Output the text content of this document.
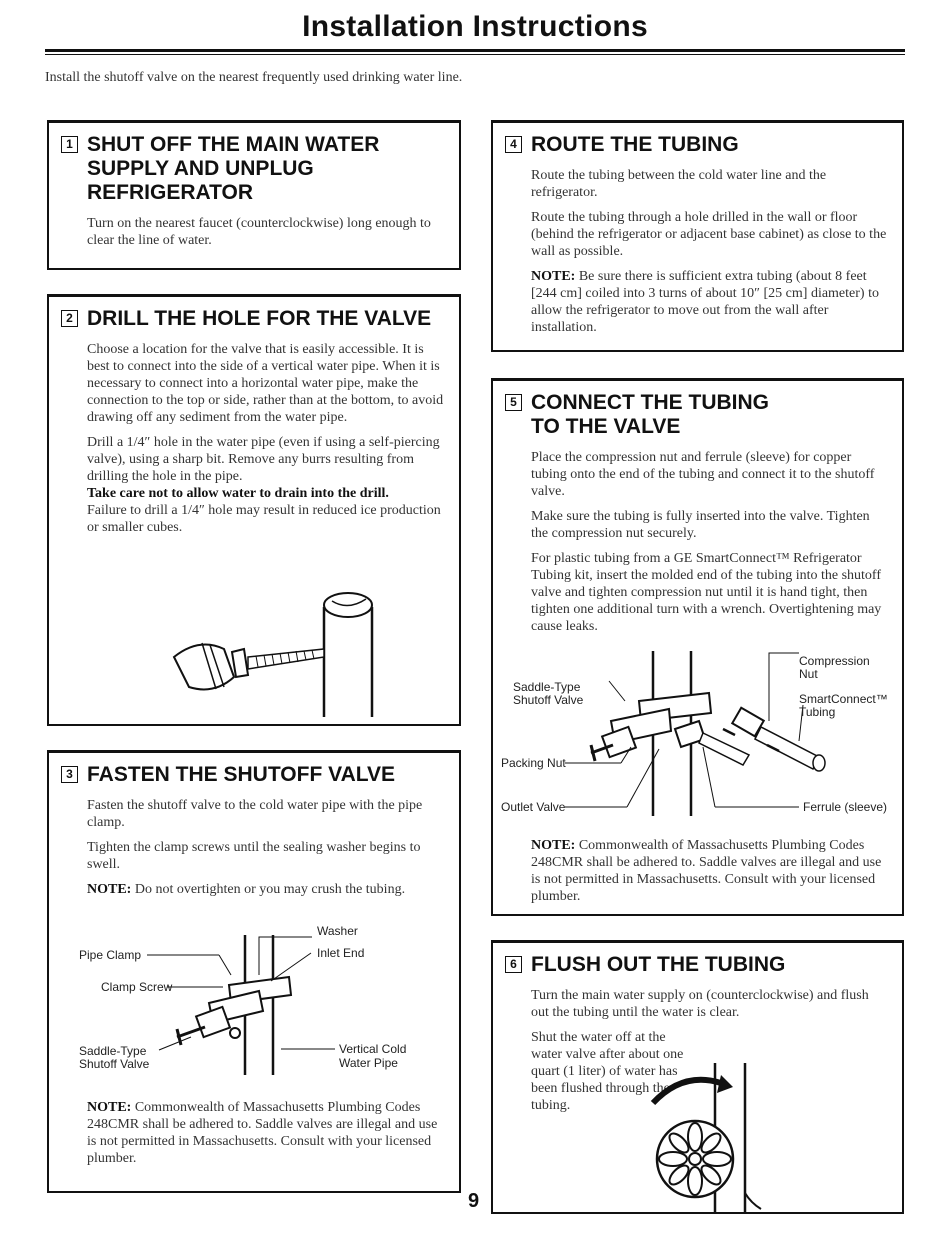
Installation Instructions
Install the shutoff valve on the nearest frequently used drinking water line.
1 SHUT OFF THE MAIN WATER
SUPPLY AND UNPLUG
REFRIGERATOR

Turn on the nearest faucet (counterclockwise) long enough to clear the line of water.

2 DRILL THE HOLE FOR THE VALVE

Choose a location for the valve that is easily accessible. It is best to connect into the side of a vertical water pipe. When it is necessary to connect into a horizontal water pipe, make the connection to the top or side, rather than at the bottom, to avoid drawing off any sediment from the water pipe.

Drill a 1/4″ hole in the water pipe (even if using a self-piercing valve), using a sharp bit. Remove any burrs resulting from drilling the hole in the pipe.
Take care not to allow water to drain into the drill.
Failure to drill a 1/4″ hole may result in reduced ice production or smaller cubes.

3 FASTEN THE SHUTOFF VALVE

Fasten the shutoff valve to the cold water pipe with the pipe clamp.

Tighten the clamp screws until the sealing washer begins to swell.

NOTE: Do not overtighten or you may crush the tubing.

Washer
Inlet End
Pipe Clamp
Clamp Screw
Saddle-Type
Shutoff Valve
Vertical Cold
Water Pipe

NOTE: Commonwealth of Massachusetts Plumbing Codes 248CMR shall be adhered to. Saddle valves are illegal and use is not permitted in Massachusetts. Consult with your licensed plumber.

4 ROUTE THE TUBING

Route the tubing between the cold water line and the refrigerator.

Route the tubing through a hole drilled in the wall or floor (behind the refrigerator or adjacent base cabinet) as close to the wall as possible.

NOTE: Be sure there is sufficient extra tubing (about 8 feet [244 cm] coiled into 3 turns of about 10″ [25 cm] diameter) to allow the refrigerator to move out from the wall after installation.

5 CONNECT THE TUBING
TO THE VALVE

Place the compression nut and ferrule (sleeve) for copper tubing onto the end of the tubing and connect it to the shutoff valve.

Make sure the tubing is fully inserted into the valve. Tighten the compression nut securely.

For plastic tubing from a GE SmartConnect™ Refrigerator Tubing kit, insert the molded end of the tubing into the shutoff valve and tighten compression nut until it is hand tight, then tighten one additional turn with a wrench. Overtightening may cause leaks.

Compression
Nut
Saddle-Type
Shutoff Valve	SmartConnect™
Tubing
Packing Nut
Outlet Valve	Ferrule (sleeve)

NOTE: Commonwealth of Massachusetts Plumbing Codes 248CMR shall be adhered to. Saddle valves are illegal and use is not permitted in Massachusetts. Consult with your licensed plumber.

6 FLUSH OUT THE TUBING

Turn the main water supply on (counterclockwise) and flush out the tubing until the water is clear.

Shut the water off at the water valve after about one quart (1 liter) of water has been flushed through the tubing.

9
